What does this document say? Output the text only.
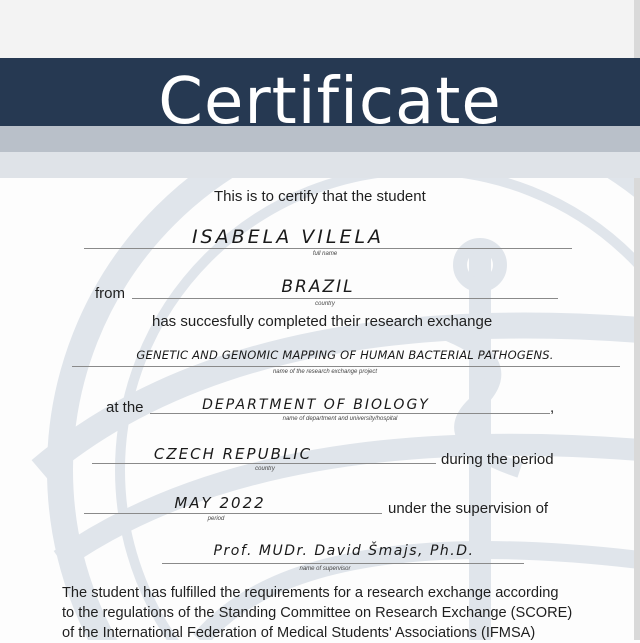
Certificate
This is to certify that the student
ISABELA VILELA
full name
from	BRAZIL
country
has succesfully completed their research exchange
GENETIC AND GENOMIC MAPPING OF HUMAN BACTERIAL PATHOGENS.
name of the research exchange project
at the	DEPARTMENT OF BIOLOGY	,
name of department and university/hospital
CZECH REPUBLIC
country
during the period
MAY 2022
period
under the supervision of
Prof. MUDr. David Šmajs, Ph.D.
name of supervisor
The student has fulfilled the requirements for a research exchange according
to the regulations of the Standing Committee on Research Exchange (SCORE)
of the International Federation of Medical Students' Associations (IFMSA)
